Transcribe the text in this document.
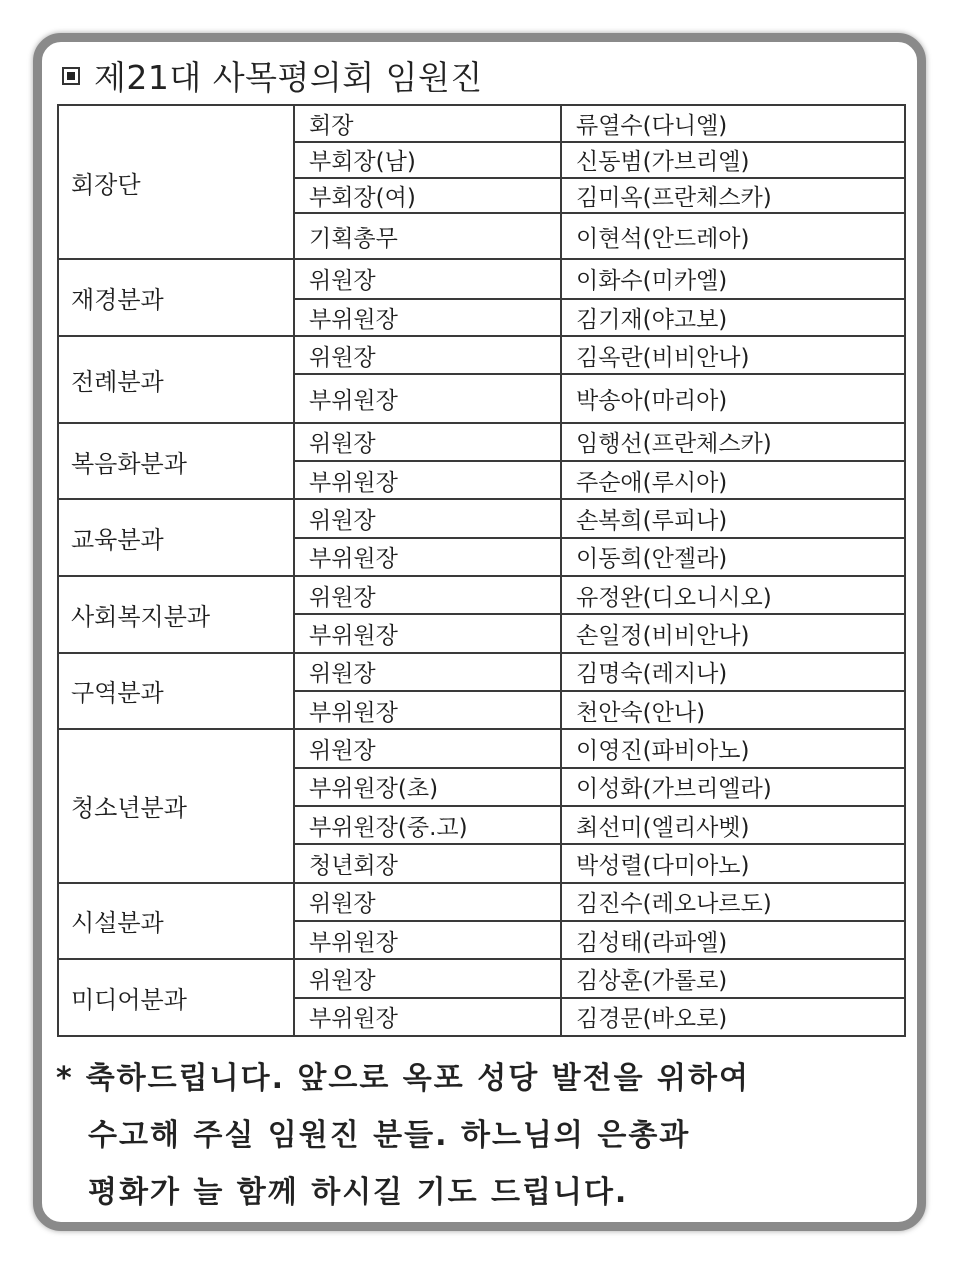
제21대 사목평의회 임원진
회장단	회장	류열수(다니엘)
	부회장(남)	신동범(가브리엘)
	부회장(여)	김미옥(프란체스카)
	기획총무	이현석(안드레아)
재경분과	위원장	이화수(미카엘)
	부위원장	김기재(야고보)
전례분과	위원장	김옥란(비비안나)
	부위원장	박송아(마리아)
복음화분과	위원장	임행선(프란체스카)
	부위원장	주순애(루시아)
교육분과	위원장	손복희(루피나)
	부위원장	이동희(안젤라)
사회복지분과	위원장	유정완(디오니시오)
	부위원장	손일정(비비안나)
구역분과	위원장	김명숙(레지나)
	부위원장	천안숙(안나)
청소년분과	위원장	이영진(파비아노)
	부위원장(초)	이성화(가브리엘라)
	부위원장(중.고)	최선미(엘리사벳)
	청년회장	박성렬(다미아노)
시설분과	위원장	김진수(레오나르도)
	부위원장	김성태(라파엘)
미디어분과	위원장	김상훈(가롤로)
	부위원장	김경문(바오로)
* 축하드립니다. 앞으로 옥포 성당 발전을 위하여
수고해 주실 임원진 분들. 하느님의 은총과
평화가 늘 함께 하시길 기도 드립니다.
